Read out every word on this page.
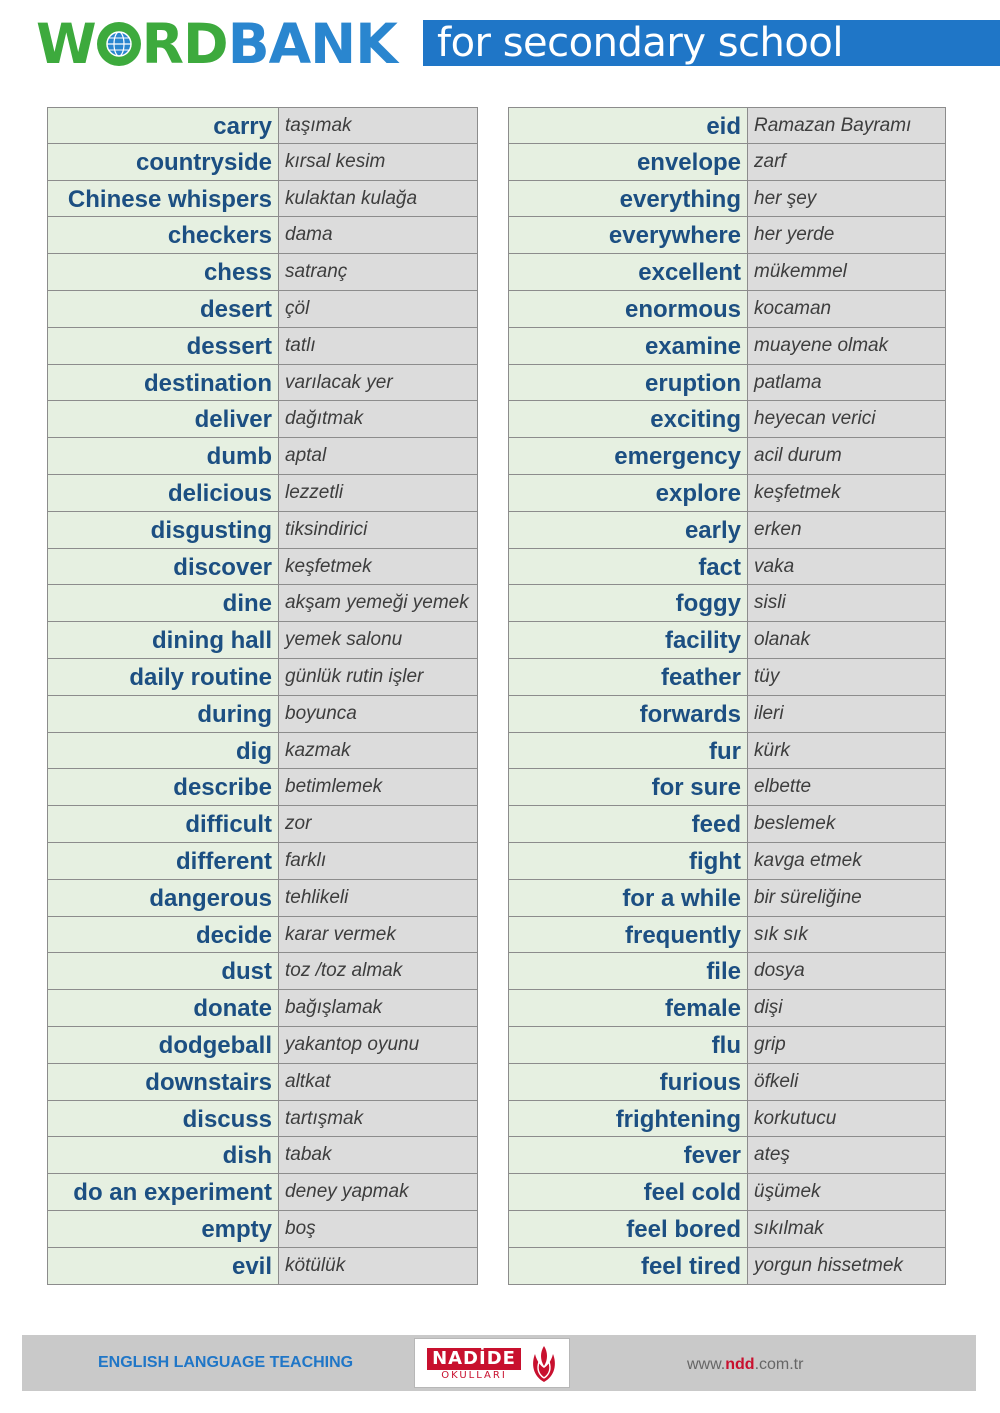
W RD BANK	for secondary school
carry taşımak
countryside kırsal kesim
Chinese whispers kulaktan kulağa
checkers dama
chess satranç
desert çöl
dessert tatlı
destination varılacak yer
deliver dağıtmak
dumb aptal
delicious lezzetli
disgusting tiksindirici
discover keşfetmek
dine akşam yemeği yemek
dining hall yemek salonu
daily routine günlük rutin işler
during boyunca
dig kazmak
describe betimlemek
difficult zor
different farklı
dangerous tehlikeli
decide karar vermek
dust toz /toz almak
donate bağışlamak
dodgeball yakantop oyunu
downstairs altkat
discuss tartışmak
dish tabak
do an experiment deney yapmak
empty boş
evil kötülük
eid Ramazan Bayramı
envelope zarf
everything her şey
everywhere her yerde
excellent mükemmel
enormous kocaman
examine muayene olmak
eruption patlama
exciting heyecan verici
emergency acil durum
explore keşfetmek
early erken
fact vaka
foggy sisli
facility olanak
feather tüy
forwards ileri
fur kürk
for sure elbette
feed beslemek
fight kavga etmek
for a while bir süreliğine
frequently sık sık
file dosya
female dişi
flu grip
furious öfkeli
frightening korkutucu
fever ateş
feel cold üşümek
feel bored sıkılmak
feel tired yorgun hissetmek
ENGLISH LANGUAGE TEACHING	NADİDE
OKULLARI
www.ndd.com.tr
